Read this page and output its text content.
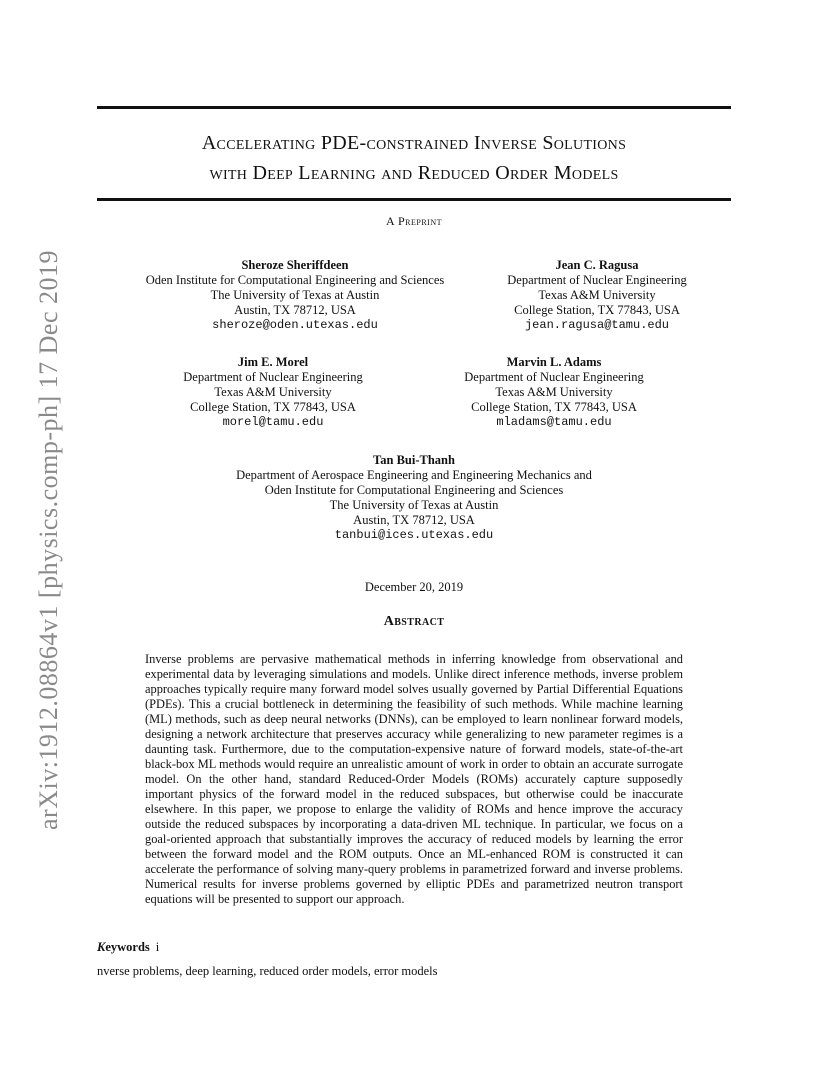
arXiv:1912.08864v1 [physics.comp-ph] 17 Dec 2019
Accelerating PDE-constrained Inverse Solutions
with Deep Learning and Reduced Order Models
A Preprint
Sheroze Sheriffdeen
Oden Institute for Computational Engineering and Sciences
The University of Texas at Austin
Austin, TX 78712, USA
sheroze@oden.utexas.edu
Jean C. Ragusa
Department of Nuclear Engineering
Texas A&M University
College Station, TX 77843, USA
jean.ragusa@tamu.edu
Jim E. Morel
Department of Nuclear Engineering
Texas A&M University
College Station, TX 77843, USA
morel@tamu.edu
Marvin L. Adams
Department of Nuclear Engineering
Texas A&M University
College Station, TX 77843, USA
mladams@tamu.edu
Tan Bui-Thanh
Department of Aerospace Engineering and Engineering Mechanics and
Oden Institute for Computational Engineering and Sciences
The University of Texas at Austin
Austin, TX 78712, USA
tanbui@ices.utexas.edu
December 20, 2019
Abstract
Inverse problems are pervasive mathematical methods in inferring knowledge from observational and experimental data by leveraging simulations and models. Unlike direct inference methods, inverse problem approaches typically require many forward model solves usually governed by Partial Differential Equations (PDEs). This a crucial bottleneck in determining the feasibility of such methods. While machine learning (ML) methods, such as deep neural networks (DNNs), can be employed to learn nonlinear forward models, designing a network architecture that preserves accuracy while generalizing to new parameter regimes is a daunting task. Furthermore, due to the computation-expensive nature of forward models, state-of-the-art black-box ML methods would require an unrealistic amount of work in order to obtain an accurate surrogate model. On the other hand, standard Reduced-Order Models (ROMs) accurately capture supposedly important physics of the forward model in the reduced subspaces, but otherwise could be inaccurate elsewhere. In this paper, we propose to enlarge the validity of ROMs and hence improve the accuracy outside the reduced subspaces by incorporating a data-driven ML technique. In particular, we focus on a goal-oriented approach that substantially improves the accuracy of reduced models by learning the error between the forward model and the ROM outputs. Once an ML-enhanced ROM is constructed it can accelerate the performance of solving many-query problems in parametrized forward and inverse problems. Numerical results for inverse problems governed by elliptic PDEs and parametrized neutron transport equations will be presented to support our approach.
Keywords i
nverse problems, deep learning, reduced order models, error models
